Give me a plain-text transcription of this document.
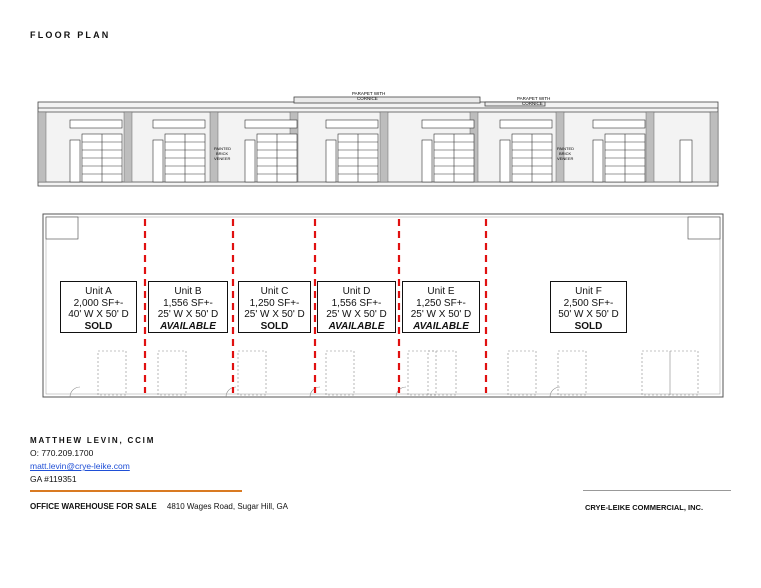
FLOOR PLAN
PARAPET WITH
CORNICE	PARAPET WITH
CORNICE
PAINTED
BRICK
VENEER
PAINTED
BRICK
VENEER
Unit A
2,000 SF+-
40' W X 50' D
SOLD
Unit B
1,556 SF+-
25' W X 50' D
AVAILABLE
Unit C
1,250 SF+-
25' W X 50' D
SOLD
Unit D
1,556 SF+-
25' W X 50' D
AVAILABLE
Unit E
1,250 SF+-
25' W X 50' D
AVAILABLE
Unit F
2,500 SF+-
50' W X 50' D
SOLD
MATTHEW LEVIN, CCIM
O: 770.209.1700
matt.levin@crye-leike.com
GA #119351
OFFICE WAREHOUSE FOR SALE 4810 Wages Road, Sugar Hill, GA	CRYE-LEIKE COMMERCIAL, INC.
